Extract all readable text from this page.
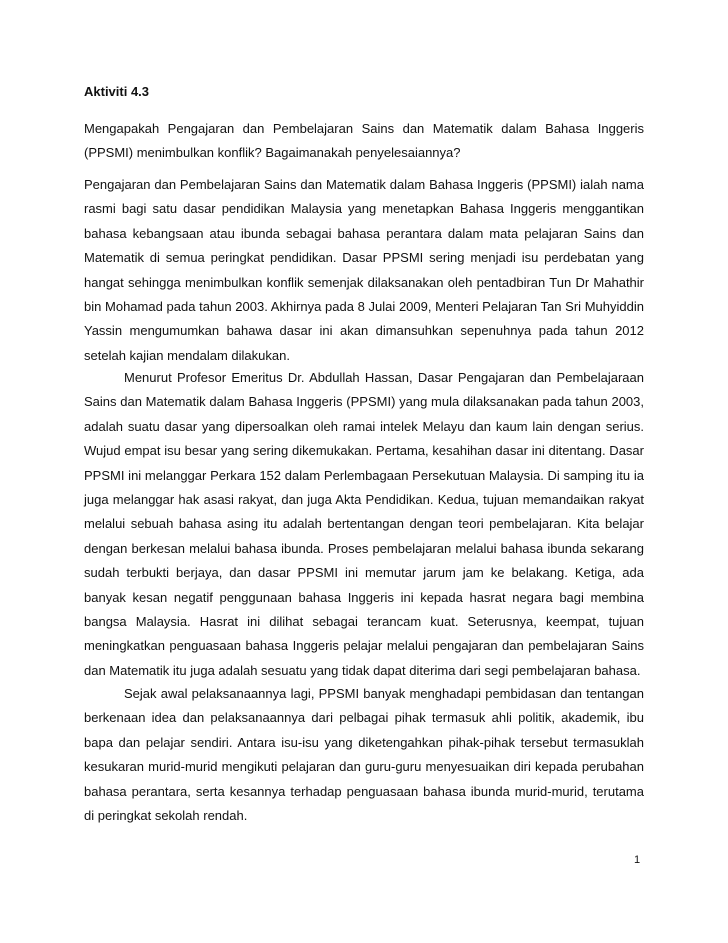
Aktiviti 4.3

Mengapakah Pengajaran dan Pembelajaran Sains dan Matematik dalam Bahasa Inggeris (PPSMI) menimbulkan konflik? Bagaimanakah penyelesaiannya?

Pengajaran dan Pembelajaran Sains dan Matematik dalam Bahasa Inggeris (PPSMI) ialah nama rasmi bagi satu dasar pendidikan Malaysia yang menetapkan Bahasa Inggeris menggantikan bahasa kebangsaan atau ibunda sebagai bahasa perantara dalam mata pelajaran Sains dan Matematik di semua peringkat pendidikan. Dasar PPSMI sering menjadi isu perdebatan yang hangat sehingga menimbulkan konflik semenjak dilaksanakan oleh pentadbiran Tun Dr Mahathir bin Mohamad pada tahun 2003. Akhirnya pada 8 Julai 2009, Menteri Pelajaran Tan Sri Muhyiddin Yassin mengumumkan bahawa dasar ini akan dimansuhkan sepenuhnya pada tahun 2012 setelah kajian mendalam dilakukan.

Menurut Profesor Emeritus Dr. Abdullah Hassan, Dasar Pengajaran dan Pembelajaraan Sains dan Matematik dalam Bahasa Inggeris (PPSMI) yang mula dilaksanakan pada tahun 2003, adalah suatu dasar yang dipersoalkan oleh ramai intelek Melayu dan kaum lain dengan serius. Wujud empat isu besar yang sering dikemukakan. Pertama, kesahihan dasar ini ditentang. Dasar PPSMI ini melanggar Perkara 152 dalam Perlembagaan Persekutuan Malaysia. Di samping itu ia juga melanggar hak asasi rakyat, dan juga Akta Pendidikan. Kedua, tujuan memandaikan rakyat melalui sebuah bahasa asing itu adalah bertentangan dengan teori pembelajaran. Kita belajar dengan berkesan melalui bahasa ibunda. Proses pembelajaran melalui bahasa ibunda sekarang sudah terbukti berjaya, dan dasar PPSMI ini memutar jarum jam ke belakang. Ketiga, ada banyak kesan negatif penggunaan bahasa Inggeris ini kepada hasrat negara bagi membina bangsa Malaysia. Hasrat ini dilihat sebagai terancam kuat. Seterusnya, keempat, tujuan meningkatkan penguasaan bahasa Inggeris pelajar melalui pengajaran dan pembelajaran Sains dan Matematik itu juga adalah sesuatu yang tidak dapat diterima dari segi pembelajaran bahasa.

Sejak awal pelaksanaannya lagi, PPSMI banyak menghadapi pembidasan dan tentangan berkenaan idea dan pelaksanaannya dari pelbagai pihak termasuk ahli politik, akademik, ibu bapa dan pelajar sendiri. Antara isu-isu yang diketengahkan pihak-pihak tersebut termasuklah kesukaran murid-murid mengikuti pelajaran dan guru-guru menyesuaikan diri kepada perubahan bahasa perantara, serta kesannya terhadap penguasaan bahasa ibunda murid-murid, terutama di peringkat sekolah rendah.

1
